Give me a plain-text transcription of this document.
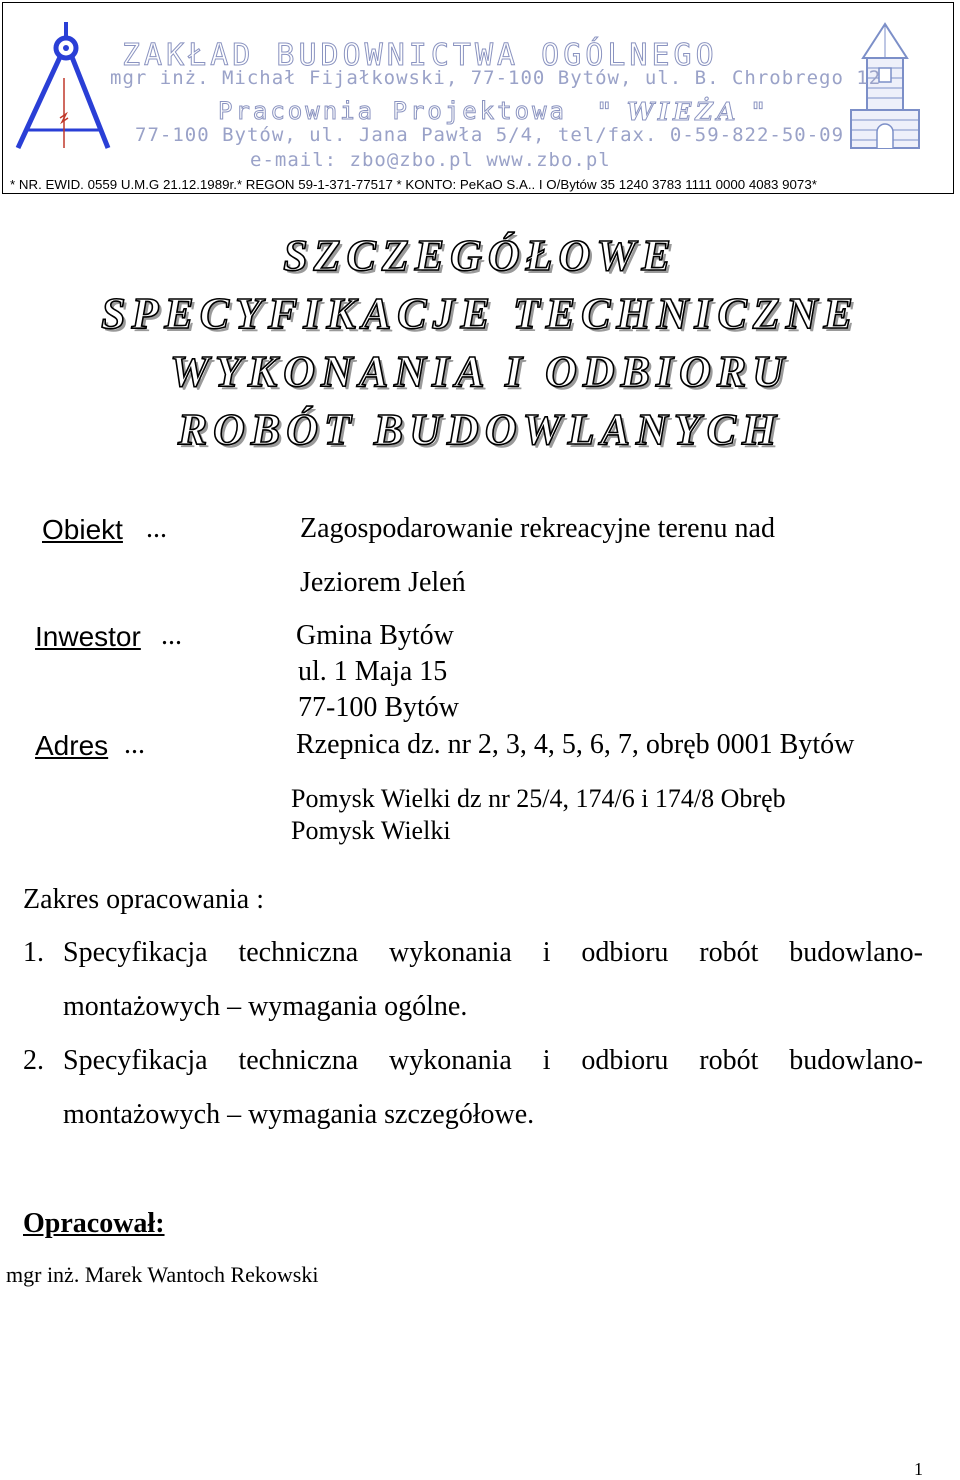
ZAKŁAD BUDOWNICTWA OGÓLNEGO

mgr inż. Michał Fijałkowski, 77-100 Bytów, ul. B. Chrobrego 12

Pracownia Projektowa " WIEŻA "

77-100 Bytów, ul. Jana Pawła 5/4, tel/fax. 0-59-822-50-09

e-mail: zbo@zbo.pl www.zbo.pl

* NR. EWID. 0559 U.M.G 21.12.1989r.* REGON 59-1-371-77517 * KONTO: PeKaO S.A.. I O/Bytów 35 1240 3783 1111 0000 4083 9073*

SZCZEGÓŁOWE
SPECYFIKACJE TECHNICZNE
WYKONANIA I ODBIORU
ROBÓT BUDOWLANYCH
Obiekt ...	Zagospodarowanie rekreacyjne terenu nad
Jeziorem Jeleń
Inwestor ...	Gmina Bytów
ul. 1 Maja 15
77-100 Bytów
Adres ...	Rzepnica dz. nr 2, 3, 4, 5, 6, 7, obręb 0001 Bytów
Pomysk Wielki dz nr 25/4, 174/6 i 174/8 Obręb
Pomysk Wielki
Zakres opracowania :
1. Specyfikacja techniczna wykonania i odbioru robót budowlano-
montażowych – wymagania ogólne.
2. Specyfikacja techniczna wykonania i odbioru robót budowlano-
montażowych – wymagania szczegółowe.
Opracował:
mgr inż. Marek Wantoch Rekowski
1
